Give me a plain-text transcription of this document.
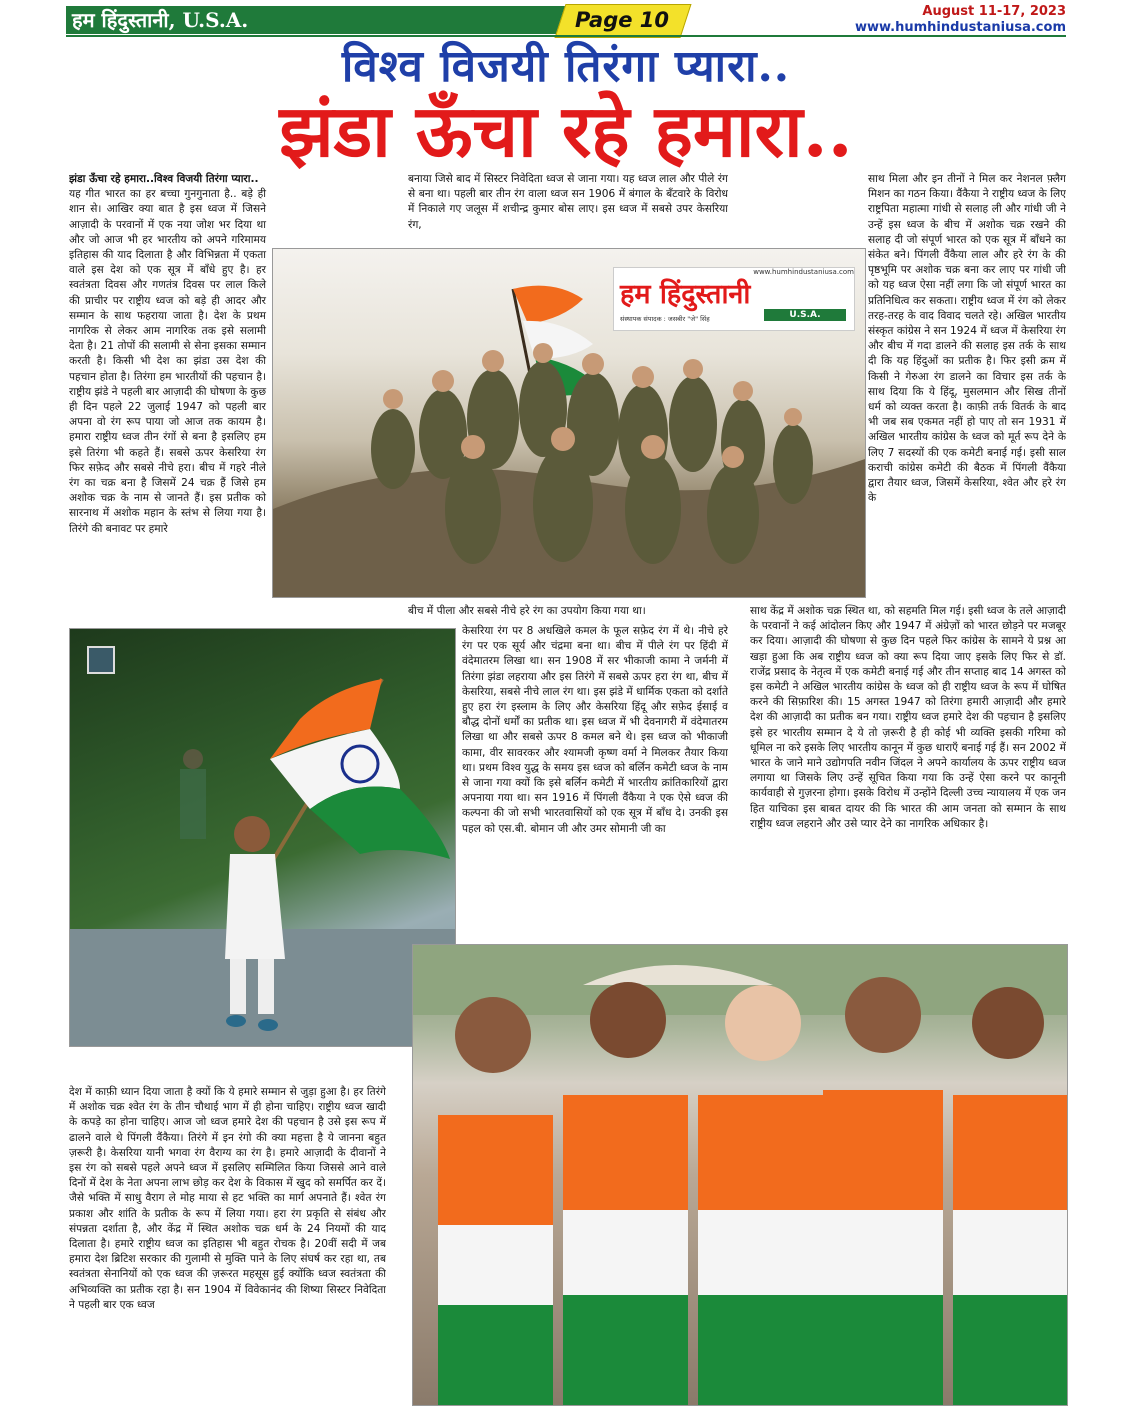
हम हिंदुस्तानी, U.S.A.	Page 10	August 11-17, 2023
www.humhindustaniusa.com
विश्व विजयी तिरंगा प्यारा..
झंडा ऊँचा रहे हमारा..
झंडा ऊँचा रहे हमारा..विश्व विजयी तिरंगा प्यारा..
यह गीत भारत का हर बच्चा गुनगुनाता है.. बड़े ही शान से। आखिर क्या बात है इस ध्वज में जिसने आज़ादी के परवानों में एक नया जोश भर दिया था और जो आज भी हर भारतीय को अपने गरिमामय इतिहास की याद दिलाता है और विभिन्नता में एकता वाले इस देश को एक सूत्र में बाँधे हुए है। हर स्वतंत्रता दिवस और गणतंत्र दिवस पर लाल किले की प्राचीर पर राष्ट्रीय ध्वज को बड़े ही आदर और सम्मान के साथ फहराया जाता है। देश के प्रथम नागरिक से लेकर आम नागरिक तक इसे सलामी देता है। 21 तोपों की सलामी से सेना इसका सम्मान करती है। किसी भी देश का झंडा उस देश की पहचान होता है। तिरंगा हम भारतीयों की पहचान है। राष्ट्रीय झंडे ने पहली बार आज़ादी की घोषणा के कुछ ही दिन पहले 22 जुलाई 1947 को पहली बार अपना वो रंग रूप पाया जो आज तक कायम है। हमारा राष्ट्रीय ध्वज तीन रंगों से बना है इसलिए हम इसे तिरंगा भी कहते हैं। सबसे ऊपर केसरिया रंग फिर सफ़ेद और सबसे नीचे हरा। बीच में गहरे नीले रंग का चक्र बना है जिसमें 24 चक्र हैं जिसे हम अशोक चक्र के नाम से जानते हैं। इस प्रतीक को सारनाथ में अशोक महान के स्तंभ से लिया गया है। तिरंगे की बनावट पर हमारे
बनाया जिसे बाद में सिस्टर निवेदिता ध्वज से जाना गया। यह ध्वज लाल और पीले रंग से बना था। पहली बार तीन रंग वाला ध्वज सन 1906 में बंगाल के बँटवारे के विरोध में निकाले गए जलूस में शचीन्द्र कुमार बोस लाए। इस ध्वज में सबसे उपर केसरिया रंग,
साथ मिला और इन तीनों ने मिल कर नेशनल फ़्लैग मिशन का गठन किया। वैंकैया ने राष्ट्रीय ध्वज के लिए राष्ट्रपिता महात्मा गांधी से सलाह ली और गांधी जी ने उन्हें इस ध्वज के बीच में अशोक चक्र रखने की सलाह दी जो संपूर्ण भारत को एक सूत्र में बाँधने का संकेत बने। पिंगली वैंकैया लाल और हरे रंग के की पृष्ठभूमि पर अशोक चक्र बना कर लाए पर गांधी जी को यह ध्वज ऐसा नहीं लगा कि जो संपूर्ण भारत का प्रतिनिधित्व कर सकता। राष्ट्रीय ध्वज में रंग को लेकर तरह-तरह के वाद विवाद चलते रहे। अखिल भारतीय संस्कृत कांग्रेस ने सन 1924 में ध्वज में केसरिया रंग और बीच में गदा डालने की सलाह इस तर्क के साथ दी कि यह हिंदुओं का प्रतीक है। फिर इसी क्रम में किसी ने गेरुआ रंग डालने का विचार इस तर्क के साथ दिया कि ये हिंदू, मुसलमान और सिख तीनों धर्म को व्यक्त करता है। काफ़ी तर्क वितर्क के बाद भी जब सब एकमत नहीं हो पाए तो सन 1931 में अखिल भारतीय कांग्रेस के ध्वज को मूर्त रूप देने के लिए 7 सदस्यों की एक कमेटी बनाई गई। इसी साल कराची कांग्रेस कमेटी की बैठक में पिंगली वैंकैया द्वारा तैयार ध्वज, जिसमें केसरिया, श्वेत और हरे रंग के
www.humhindustaniusa.com
हम हिंदुस्तानी
U.S.A.
संस्थापक संपादक : जसबीर "जे" सिंह
बीच में पीला और सबसे नीचे हरे रंग का उपयोग किया गया था।
केसरिया रंग पर 8 अधखिले कमल के फूल सफ़ेद रंग में थे। नीचे हरे रंग पर एक सूर्य और चंद्रमा बना था। बीच में पीले रंग पर हिंदी में वंदेमातरम लिखा था। सन 1908 में सर भीकाजी कामा ने जर्मनी में तिरंगा झंडा लहराया और इस तिरंगे में सबसे ऊपर हरा रंग था, बीच में केसरिया, सबसे नीचे लाल रंग था। इस झंडे में धार्मिक एकता को दर्शाते हुए हरा रंग इस्लाम के लिए और केसरिया हिंदू और सफ़ेद ईसाई व बौद्ध दोनों धर्मों का प्रतीक था। इस ध्वज में भी देवनागरी में वंदेमातरम लिखा था और सबसे ऊपर 8 कमल बने थे। इस ध्वज को भीकाजी कामा, वीर सावरकर और श्यामजी कृष्ण वर्मा ने मिलकर तैयार किया था। प्रथम विश्व युद्ध के समय इस ध्वज को बर्लिन कमेटी ध्वज के नाम से जाना गया क्यों कि इसे बर्लिन कमेटी में भारतीय क्रांतिकारियों द्वारा अपनाया गया था। सन 1916 में पिंगली वैंकैया ने एक ऐसे ध्वज की कल्पना की जो सभी भारतवासियों को एक सूत्र में बाँध दे। उनकी इस पहल को एस.बी. बोमान जी और उमर सोमानी जी का
साथ केंद्र में अशोक चक्र स्थित था, को सहमति मिल गई। इसी ध्वज के तले आज़ादी के परवानों ने कई आंदोलन किए और 1947 में अंग्रेज़ों को भारत छोड़ने पर मजबूर कर दिया। आज़ादी की घोषणा से कुछ दिन पहले फिर कांग्रेस के सामने ये प्रश्न आ खड़ा हुआ कि अब राष्ट्रीय ध्वज को क्या रूप दिया जाए इसके लिए फिर से डॉ. राजेंद्र प्रसाद के नेतृत्व में एक कमेटी बनाई गई और तीन सप्ताह बाद 14 अगस्त को इस कमेटी ने अखिल भारतीय कांग्रेस के ध्वज को ही राष्ट्रीय ध्वज के रूप में घोषित करने की सिफ़ारिश की। 15 अगस्त 1947 को तिरंगा हमारी आज़ादी और हमारे देश की आज़ादी का प्रतीक बन गया। राष्ट्रीय ध्वज हमारे देश की पहचान है इसलिए इसे हर भारतीय सम्मान दे ये तो ज़रूरी है ही कोई भी व्यक्ति इसकी गरिमा को धूमिल ना करे इसके लिए भारतीय कानून में कुछ धाराएँ बनाई गई हैं। सन 2002 में भारत के जाने माने उद्योगपति नवीन जिंदल ने अपने कार्यालय के ऊपर राष्ट्रीय ध्वज लगाया था जिसके लिए उन्हें सूचित किया गया कि उन्हें ऐसा करने पर कानूनी कार्यवाही से गुज़रना होगा। इसके विरोध में उन्होंने दिल्ली उच्च न्यायालय में एक जन हित याचिका इस बाबत दायर की कि भारत की आम जनता को सम्मान के साथ राष्ट्रीय ध्वज लहराने और उसे प्यार देने का नागरिक अधिकार है।
देश में काफ़ी ध्यान दिया जाता है क्यों कि ये हमारे सम्मान से जुड़ा हुआ है। हर तिरंगे में अशोक चक्र श्वेत रंग के तीन चौथाई भाग में ही होना चाहिए। राष्ट्रीय ध्वज खादी के कपड़े का होना चाहिए। आज जो ध्वज हमारे देश की पहचान है उसे इस रूप में ढालने वाले थे पिंगली वैंकैया। तिरंगे में इन रंगो की क्या महत्ता है ये जानना बहुत ज़रूरी है। केसरिया यानी भगवा रंग वैराग्य का रंग है। हमारे आज़ादी के दीवानों ने इस रंग को सबसे पहले अपने ध्वज में इसलिए सम्मिलित किया जिससे आने वाले दिनों में देश के नेता अपना लाभ छोड़ कर देश के विकास में खुद को समर्पित कर दें। जैसे भक्ति में साधु वैराग ले मोह माया से हट भक्ति का मार्ग अपनाते हैं। श्वेत रंग प्रकाश और शांति के प्रतीक के रूप में लिया गया। हरा रंग प्रकृति से संबंध और संपन्नता दर्शाता है, और केंद्र में स्थित अशोक चक्र धर्म के 24 नियमों की याद दिलाता है। हमारे राष्ट्रीय ध्वज का इतिहास भी बहुत रोचक है। 20वीं सदी में जब हमारा देश ब्रिटिश सरकार की गुलामी से मुक्ति पाने के लिए संघर्ष कर रहा था, तब स्वतंत्रता सेनानियों को एक ध्वज की ज़रूरत महसूस हुई क्योंकि ध्वज स्वतंत्रता की अभिव्यक्ति का प्रतीक रहा है। सन 1904 में विवेकानंद की शिष्या सिस्टर निवेदिता ने पहली बार एक ध्वज
